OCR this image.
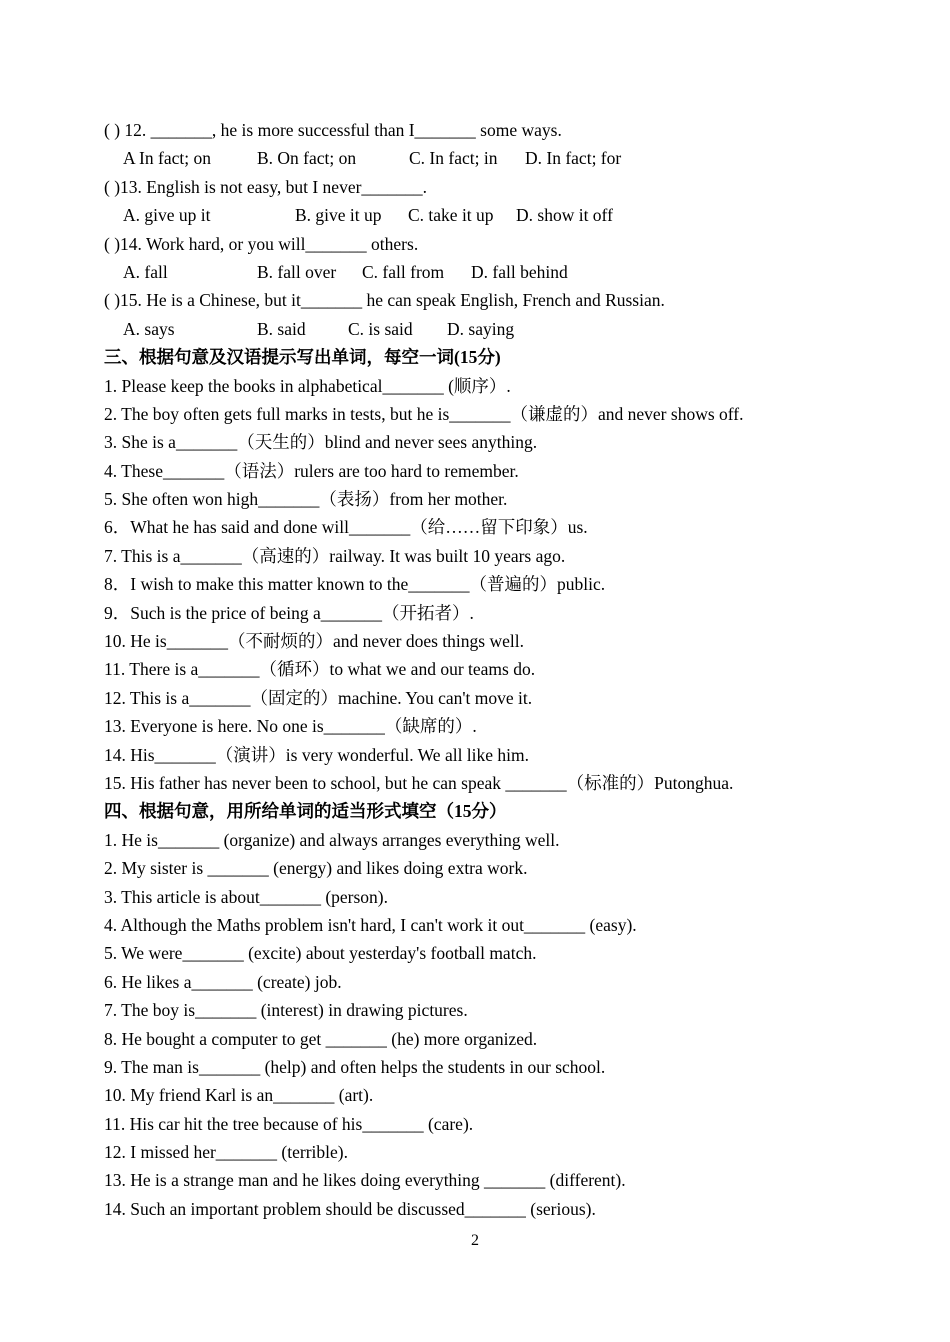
( ) 12. _______, he is more successful than I_______ some ways.
A In fact; on	B. On fact; on	C. In fact; in D. In fact; for
( )13. English is not easy, but I never_______.
A. give up it	B. give it up C. take it up D. show it off
( )14. Work hard, or you will_______ others.
A. fall	B. fall over C. fall from D. fall behind
( )15. He is a Chinese, but it_______ he can speak English, French and Russian.
A. says	B. said C. is said D. saying
三、根据句意及汉语提示写出单词，每空一词(15分)
1. Please keep the books in alphabetical_______ (顺序）.
2. The boy often gets full marks in tests, but he is_______（谦虚的）and never shows off.
3. She is a_______（天生的）blind and never sees anything.
4. These_______（语法）rulers are too hard to remember.
5. She often won high_______（表扬）from her mother.
6．What he has said and done will_______（给……留下印象）us.
7. This is a_______（高速的）railway. It was built 10 years ago.
8．I wish to make this matter known to the_______（普遍的）public.
9．Such is the price of being a_______（开拓者）.
10. He is_______（不耐烦的）and never does things well.
11. There is a_______（循环）to what we and our teams do.
12. This is a_______（固定的）machine. You can't move it.
13. Everyone is here. No one is_______（缺席的）.
14. His_______（演讲）is very wonderful. We all like him.
15. His father has never been to school, but he can speak _______（标准的）Putonghua.
四、根据句意，用所给单词的适当形式填空（15分）
1. He is_______ (organize) and always arranges everything well.
2. My sister is _______ (energy) and likes doing extra work.
3. This article is about_______ (person).
4. Although the Maths problem isn't hard, I can't work it out_______ (easy).
5. We were_______ (excite) about yesterday's football match.
6. He likes a_______ (create) job.
7. The boy is_______ (interest) in drawing pictures.
8. He bought a computer to get _______ (he) more organized.
9. The man is_______ (help) and often helps the students in our school.
10. My friend Karl is an_______ (art).
11. His car hit the tree because of his_______ (care).
12. I missed her_______ (terrible).
13. He is a strange man and he likes doing everything _______ (different).
14. Such an important problem should be discussed_______ (serious).
2
